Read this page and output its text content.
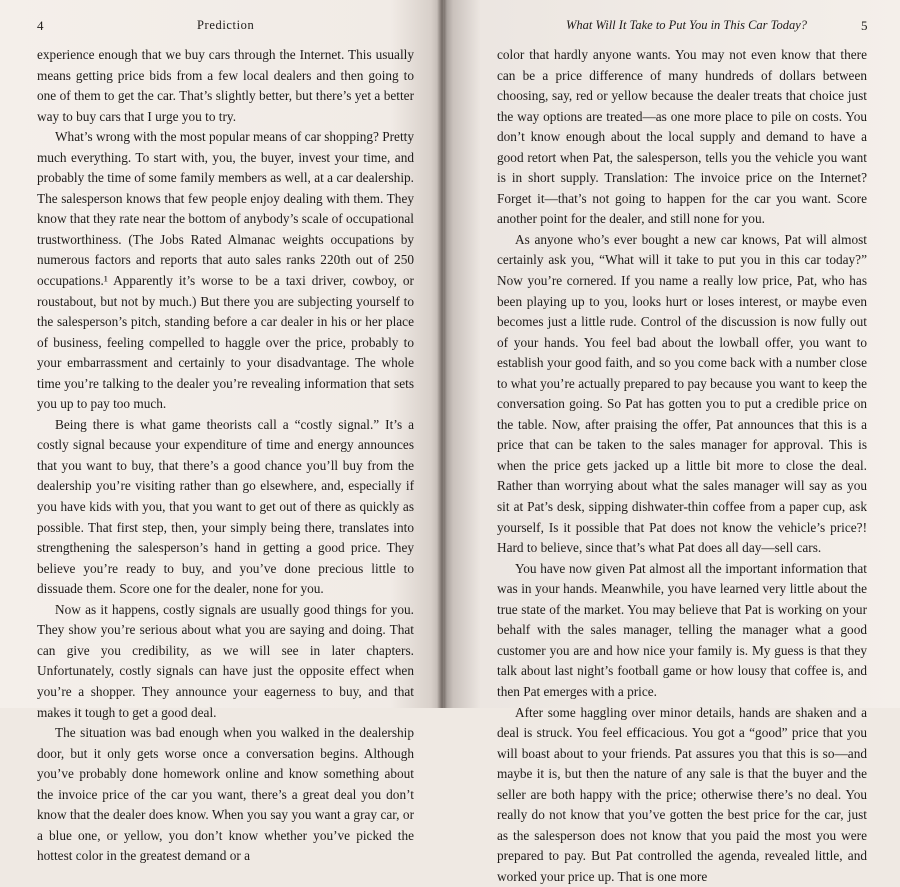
4	Prediction

experience enough that we buy cars through the Internet. This usually means getting price bids from a few local dealers and then going to one of them to get the car. That’s slightly better, but there’s yet a better way to buy cars that I urge you to try.

What’s wrong with the most popular means of car shopping? Pretty much everything. To start with, you, the buyer, invest your time, and probably the time of some family members as well, at a car dealership. The salesperson knows that few people enjoy dealing with them. They know that they rate near the bottom of anybody’s scale of occupational trustworthiness. (The Jobs Rated Almanac weights occupations by numerous factors and reports that auto sales ranks 220th out of 250 occupations.¹ Apparently it’s worse to be a taxi driver, cowboy, or roustabout, but not by much.) But there you are subjecting yourself to the salesperson’s pitch, standing before a car dealer in his or her place of business, feeling compelled to haggle over the price, probably to your embarrassment and certainly to your disadvantage. The whole time you’re talking to the dealer you’re revealing information that sets you up to pay too much.

Being there is what game theorists call a “costly signal.” It’s a costly signal because your expenditure of time and energy announces that you want to buy, that there’s a good chance you’ll buy from the dealership you’re visiting rather than go elsewhere, and, especially if you have kids with you, that you want to get out of there as quickly as possible. That first step, then, your simply being there, translates into strengthening the salesperson’s hand in getting a good price. They believe you’re ready to buy, and you’ve done precious little to dissuade them. Score one for the dealer, none for you.

Now as it happens, costly signals are usually good things for you. They show you’re serious about what you are saying and doing. That can give you credibility, as we will see in later chapters. Unfortunately, costly signals can have just the opposite effect when you’re a shopper. They announce your eagerness to buy, and that makes it tough to get a good deal.

The situation was bad enough when you walked in the dealership door, but it only gets worse once a conversation begins. Although you’ve probably done homework online and know something about the invoice price of the car you want, there’s a great deal you don’t know that the dealer does know. When you say you want a gray car, or a blue one, or yellow, you don’t know whether you’ve picked the hottest color in the greatest demand or a

What Will It Take to Put You in This Car Today?	5

color that hardly anyone wants. You may not even know that there can be a price difference of many hundreds of dollars between choosing, say, red or yellow because the dealer treats that choice just the way options are treated—as one more place to pile on costs. You don’t know enough about the local supply and demand to have a good retort when Pat, the salesperson, tells you the vehicle you want is in short supply. Translation: The invoice price on the Internet? Forget it—that’s not going to happen for the car you want. Score another point for the dealer, and still none for you.

As anyone who’s ever bought a new car knows, Pat will almost certainly ask you, “What will it take to put you in this car today?” Now you’re cornered. If you name a really low price, Pat, who has been playing up to you, looks hurt or loses interest, or maybe even becomes just a little rude. Control of the discussion is now fully out of your hands. You feel bad about the lowball offer, you want to establish your good faith, and so you come back with a number close to what you’re actually prepared to pay because you want to keep the conversation going. So Pat has gotten you to put a credible price on the table. Now, after praising the offer, Pat announces that this is a price that can be taken to the sales manager for approval. This is when the price gets jacked up a little bit more to close the deal. Rather than worrying about what the sales manager will say as you sit at Pat’s desk, sipping dishwater-thin coffee from a paper cup, ask yourself, Is it possible that Pat does not know the vehicle’s price?! Hard to believe, since that’s what Pat does all day—sell cars.

You have now given Pat almost all the important information that was in your hands. Meanwhile, you have learned very little about the true state of the market. You may believe that Pat is working on your behalf with the sales manager, telling the manager what a good customer you are and how nice your family is. My guess is that they talk about last night’s football game or how lousy that coffee is, and then Pat emerges with a price.

After some haggling over minor details, hands are shaken and a deal is struck. You feel efficacious. You got a “good” price that you will boast about to your friends. Pat assures you that this is so—and maybe it is, but then the nature of any sale is that the buyer and the seller are both happy with the price; otherwise there’s no deal. You really do not know that you’ve gotten the best price for the car, just as the salesperson does not know that you paid the most you were prepared to pay. But Pat controlled the agenda, revealed little, and worked your price up. That is one more
